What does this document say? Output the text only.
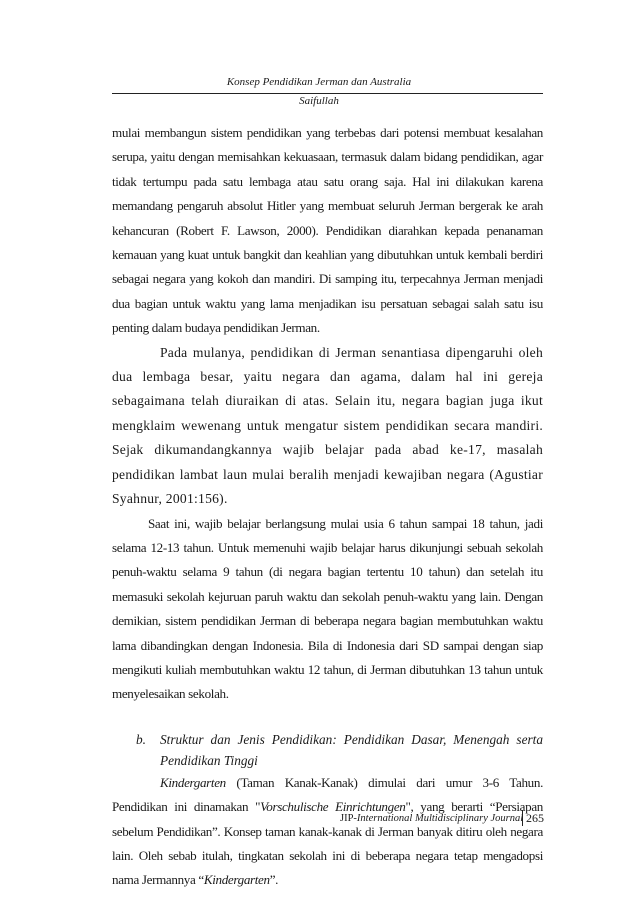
Konsep Pendidikan Jerman dan Australia
Saifullah

mulai membangun sistem pendidikan yang terbebas dari potensi membuat kesalahan serupa, yaitu dengan memisahkan kekuasaan, termasuk dalam bidang pendidikan, agar tidak tertumpu pada satu lembaga atau satu orang saja. Hal ini dilakukan karena memandang pengaruh absolut Hitler yang membuat seluruh Jerman bergerak ke arah kehancuran (Robert F. Lawson, 2000). Pendidikan diarahkan kepada penanaman kemauan yang kuat untuk bangkit dan keahlian yang dibutuhkan untuk kembali berdiri sebagai negara yang kokoh dan mandiri. Di samping itu, terpecahnya Jerman menjadi dua bagian untuk waktu yang lama menjadikan isu persatuan sebagai salah satu isu penting dalam budaya pendidikan Jerman.

Pada mulanya, pendidikan di Jerman senantiasa dipengaruhi oleh dua lembaga besar, yaitu negara dan agama, dalam hal ini gereja sebagaimana telah diuraikan di atas. Selain itu, negara bagian juga ikut mengklaim wewenang untuk mengatur sistem pendidikan secara mandiri. Sejak dikumandangkannya wajib belajar pada abad ke-17, masalah pendidikan lambat laun mulai beralih menjadi kewajiban negara (Agustiar Syahnur, 2001:156).

Saat ini, wajib belajar berlangsung mulai usia 6 tahun sampai 18 tahun, jadi selama 12-13 tahun. Untuk memenuhi wajib belajar harus dikunjungi sebuah sekolah penuh-waktu selama 9 tahun (di negara bagian tertentu 10 tahun) dan setelah itu memasuki sekolah kejuruan paruh waktu dan sekolah penuh-waktu yang lain. Dengan demikian, sistem pendidikan Jerman di beberapa negara bagian membutuhkan waktu lama dibandingkan dengan Indonesia. Bila di Indonesia dari SD sampai dengan siap mengikuti kuliah membutuhkan waktu 12 tahun, di Jerman dibutuhkan 13 tahun untuk menyelesaikan sekolah.

b.	Struktur dan Jenis Pendidikan: Pendidikan Dasar, Menengah serta Pendidikan Tinggi

Kindergarten (Taman Kanak-Kanak) dimulai dari umur 3-6 Tahun. Pendidikan ini dinamakan "Vorschulische Einrichtungen", yang berarti “Persiapan sebelum Pendidikan”. Konsep taman kanak-kanak di Jerman banyak ditiru oleh negara lain. Oleh sebab itulah, tingkatan sekolah ini di beberapa negara tetap mengadopsi nama Jermannya “Kindergarten”.

JIP-International Multidisciplinary Journal 265
